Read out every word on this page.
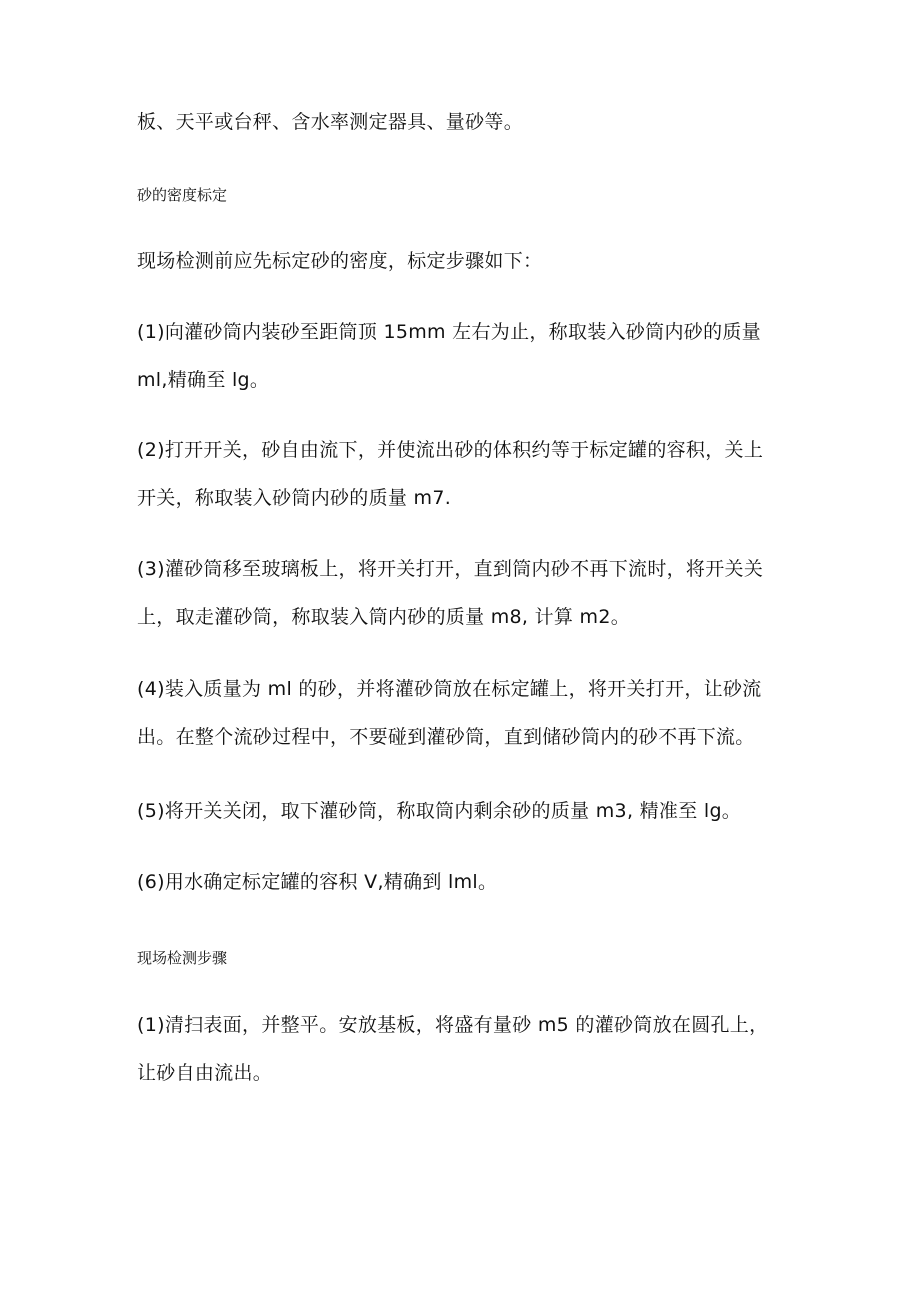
板、天平或台秤、含水率测定器具、量砂等。
砂的密度标定
现场检测前应先标定砂的密度，标定步骤如下：
(1)向灌砂筒内装砂至距筒顶 15mm 左右为止，称取装入砂筒内砂的质量
ml,精确至 lg。
(2)打开开关，砂自由流下，并使流出砂的体积约等于标定罐的容积，关上
开关，称取装入砂筒内砂的质量 m7.
(3)灌砂筒移至玻璃板上，将开关打开，直到筒内砂不再下流时，将开关关
上，取走灌砂筒，称取装入筒内砂的质量 m8, 计算 m2。
(4)装入质量为 ml 的砂，并将灌砂筒放在标定罐上，将开关打开，让砂流
出。在整个流砂过程中，不要碰到灌砂筒，直到储砂筒内的砂不再下流。
(5)将开关关闭，取下灌砂筒，称取筒内剩余砂的质量 m3, 精准至 lg。
(6)用水确定标定罐的容积 V,精确到 lml。
现场检测步骤
(1)清扫表面，并整平。安放基板，将盛有量砂 m5 的灌砂筒放在圆孔上，
让砂自由流出。
